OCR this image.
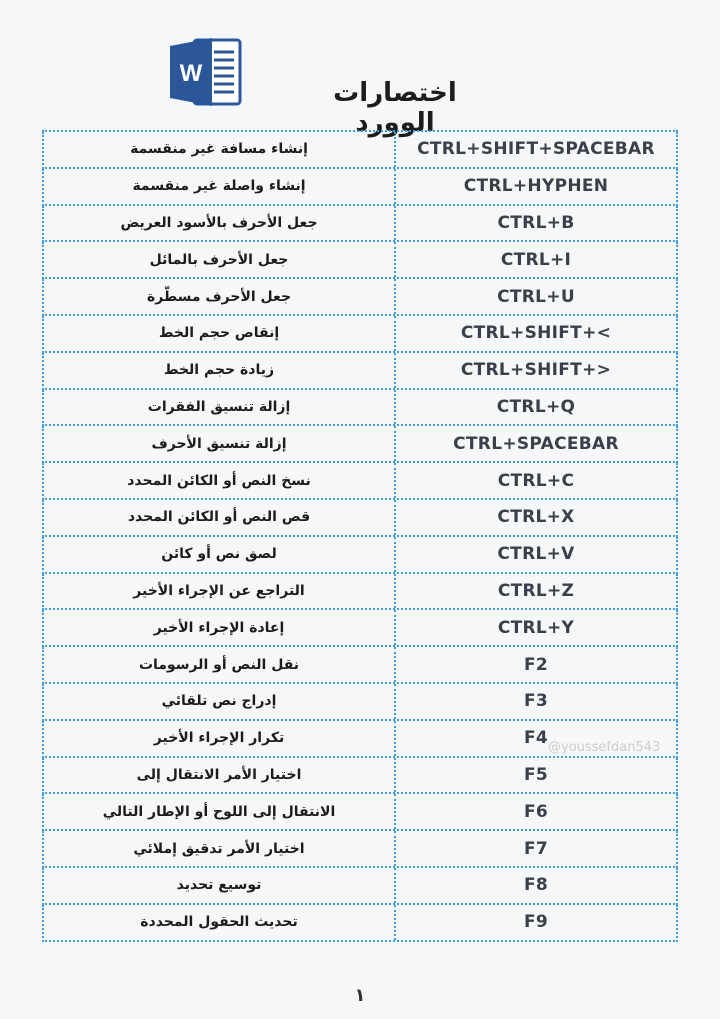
W
اختصارات الوورد
إنشاء مسافة غير منقسمة	CTRL+SHIFT+SPACEBAR
إنشاء واصلة غير منقسمة	CTRL+HYPHEN
جعل الأحرف بالأسود العريض	CTRL+B
جعل الأحرف بالمائل	CTRL+I
جعل الأحرف مسطّرة	CTRL+U
إنقاص حجم الخط	CTRL+SHIFT+<
زيادة حجم الخط	CTRL+SHIFT+>
إزالة تنسيق الفقرات	CTRL+Q
إزالة تنسيق الأحرف	CTRL+SPACEBAR
نسخ النص أو الكائن المحدد	CTRL+C
قص النص أو الكائن المحدد	CTRL+X
لصق نص أو كائن	CTRL+V
التراجع عن الإجراء الأخير	CTRL+Z
إعادة الإجراء الأخير	CTRL+Y
نقل النص أو الرسومات	F2
إدراج نص تلقائي	F3
تكرار الإجراء الأخير	F4
اختيار الأمر الانتقال إلى	F5
الانتقال إلى اللوح أو الإطار التالي	F6
اختيار الأمر تدقيق إملائي	F7
توسيع تحديد	F8
تحديث الحقول المحددة	F9
@youssefdan543
١
